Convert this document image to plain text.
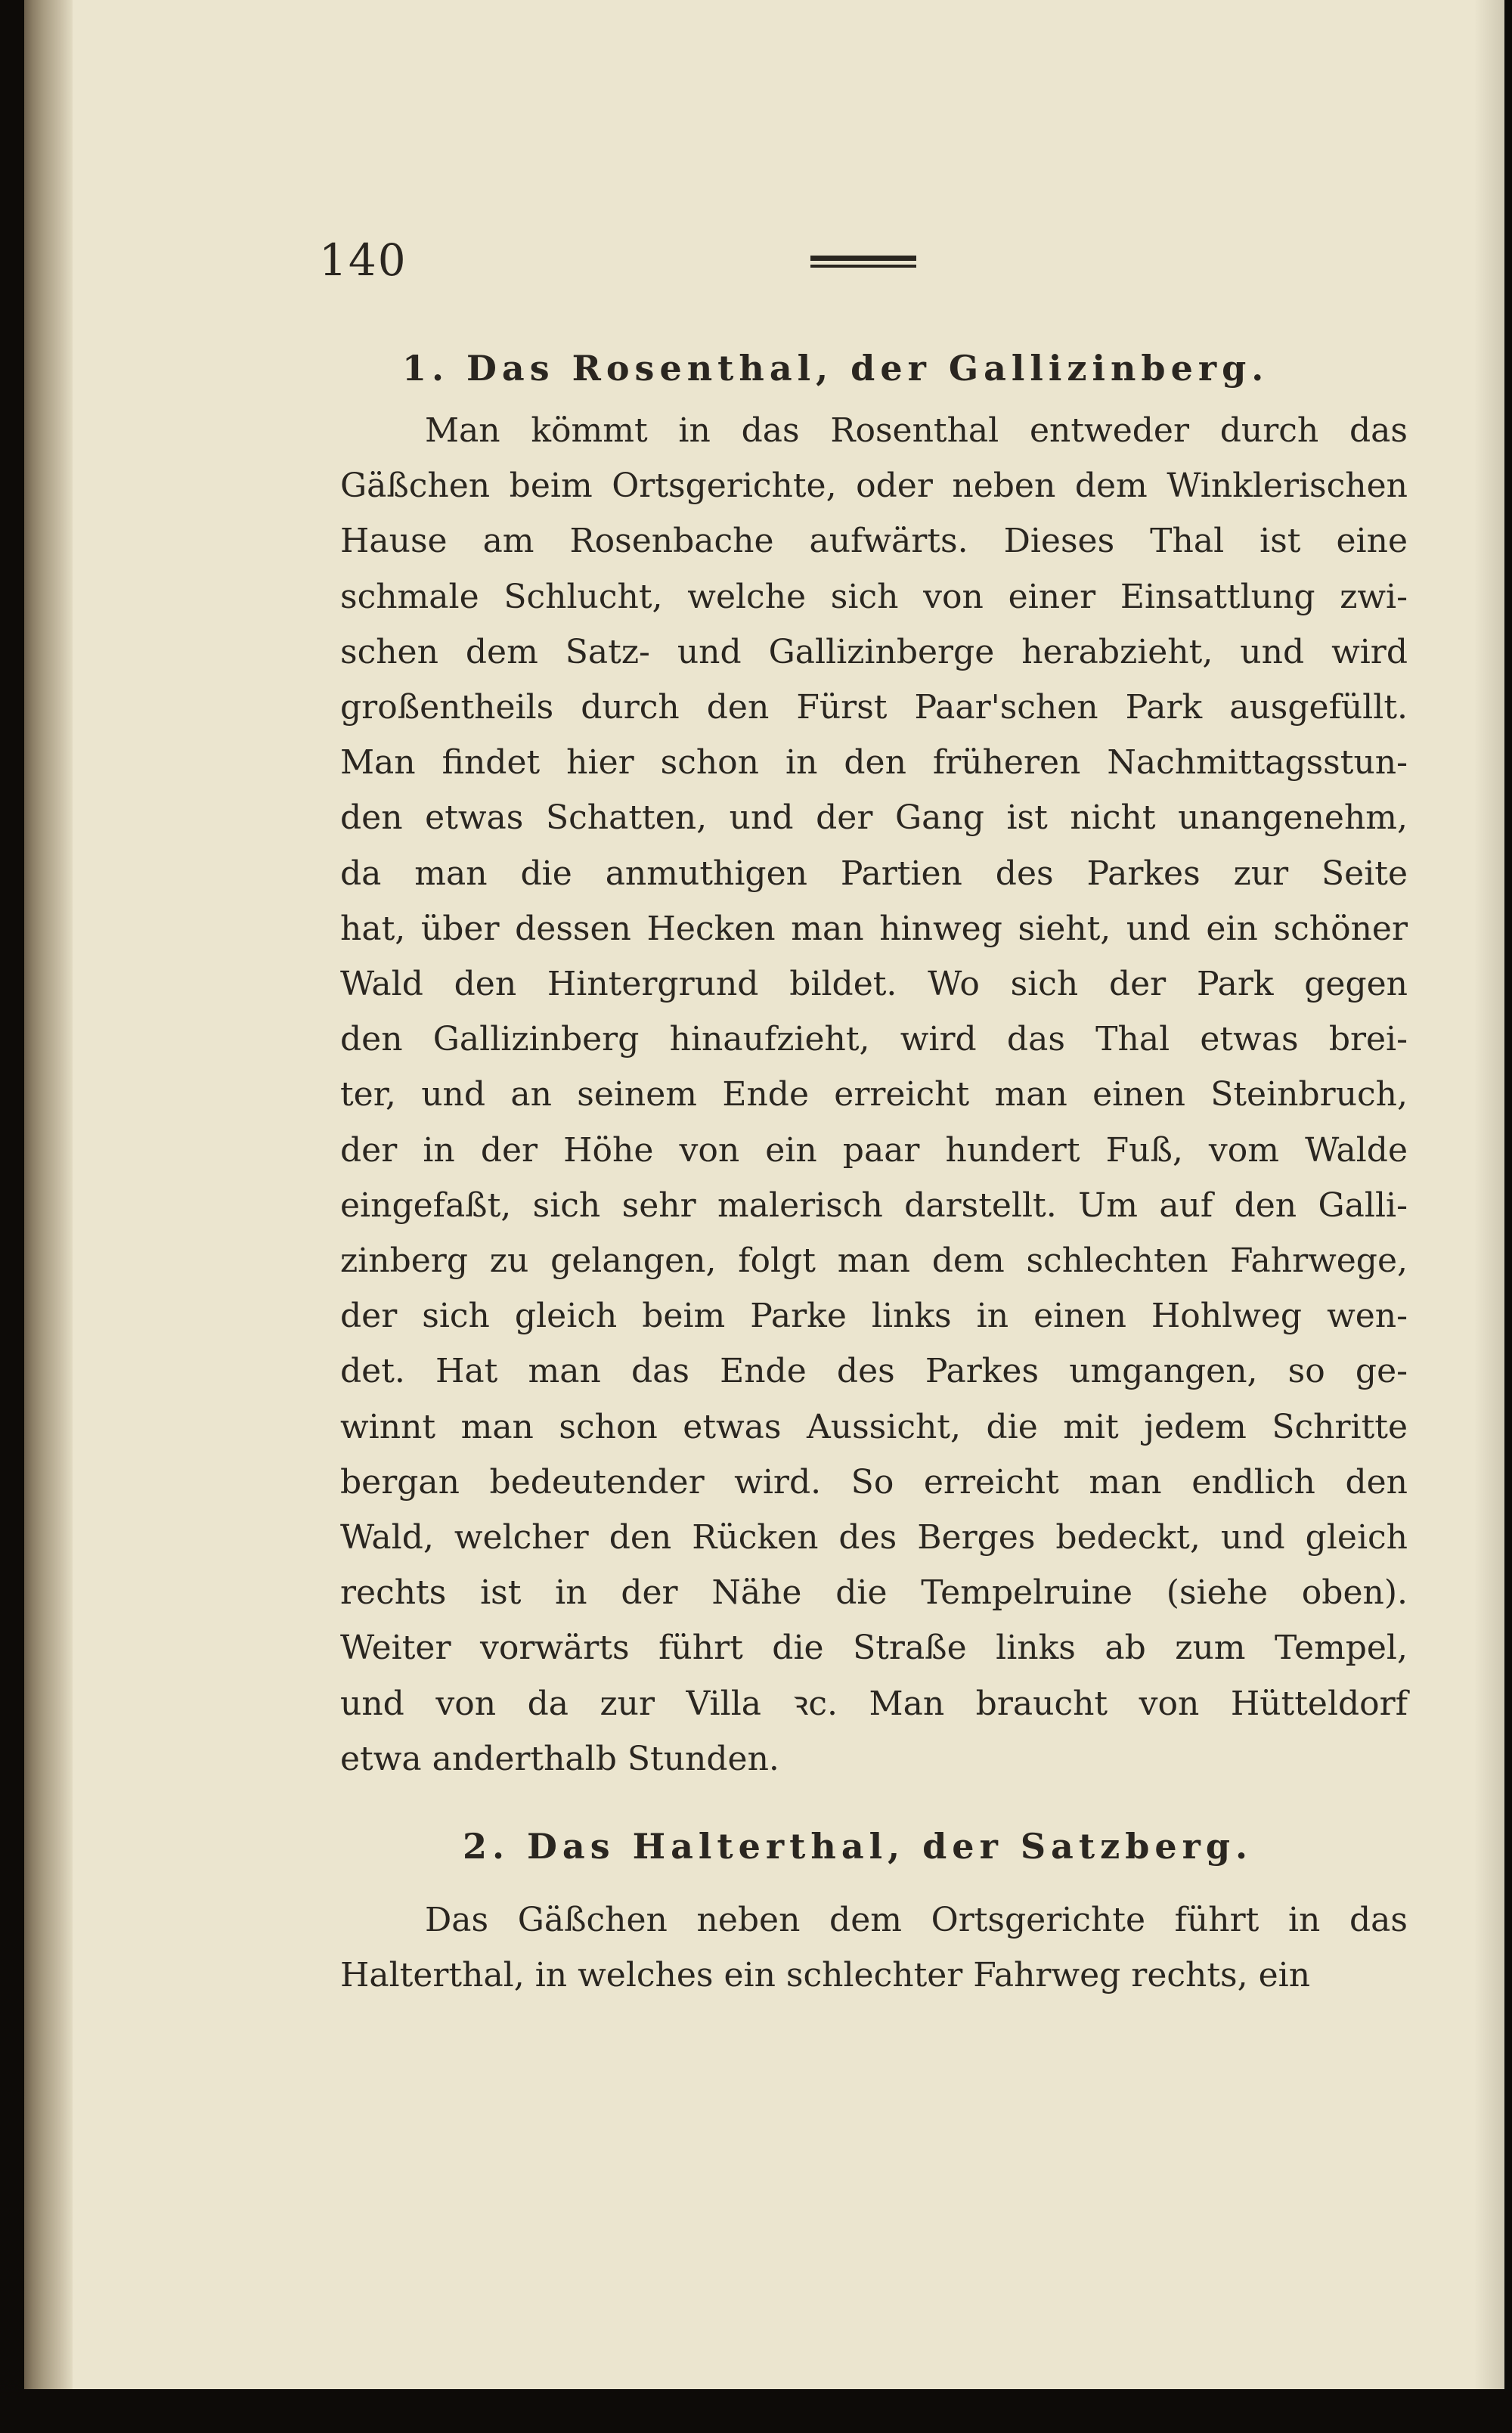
140
1. Das Rosenthal, der Gallizinberg.
Man kömmt in das Rosenthal entweder durch das
Gäßchen beim Ortsgerichte, oder neben dem Winklerischen
Hause am Rosenbache aufwärts. Dieses Thal ist eine
schmale Schlucht, welche sich von einer Einsattlung zwi-
schen dem Satz- und Gallizinberge herabzieht, und wird
großentheils durch den Fürst Paar'schen Park ausgefüllt.
Man findet hier schon in den früheren Nachmittagsstun-
den etwas Schatten, und der Gang ist nicht unangenehm,
da man die anmuthigen Partien des Parkes zur Seite
hat, über dessen Hecken man hinweg sieht, und ein schöner
Wald den Hintergrund bildet. Wo sich der Park gegen
den Gallizinberg hinaufzieht, wird das Thal etwas brei-
ter, und an seinem Ende erreicht man einen Steinbruch,
der in der Höhe von ein paar hundert Fuß, vom Walde
eingefaßt, sich sehr malerisch darstellt. Um auf den Galli-
zinberg zu gelangen, folgt man dem schlechten Fahrwege,
der sich gleich beim Parke links in einen Hohlweg wen-
det. Hat man das Ende des Parkes umgangen, so ge-
winnt man schon etwas Aussicht, die mit jedem Schritte
bergan bedeutender wird. So erreicht man endlich den
Wald, welcher den Rücken des Berges bedeckt, und gleich
rechts ist in der Nähe die Tempelruine (siehe oben).
Weiter vorwärts führt die Straße links ab zum Tempel,
und von da zur Villa ꝛc. Man braucht von Hütteldorf
etwa anderthalb Stunden.
2. Das Halterthal, der Satzberg.
Das Gäßchen neben dem Ortsgerichte führt in das
Halterthal, in welches ein schlechter Fahrweg rechts, ein
